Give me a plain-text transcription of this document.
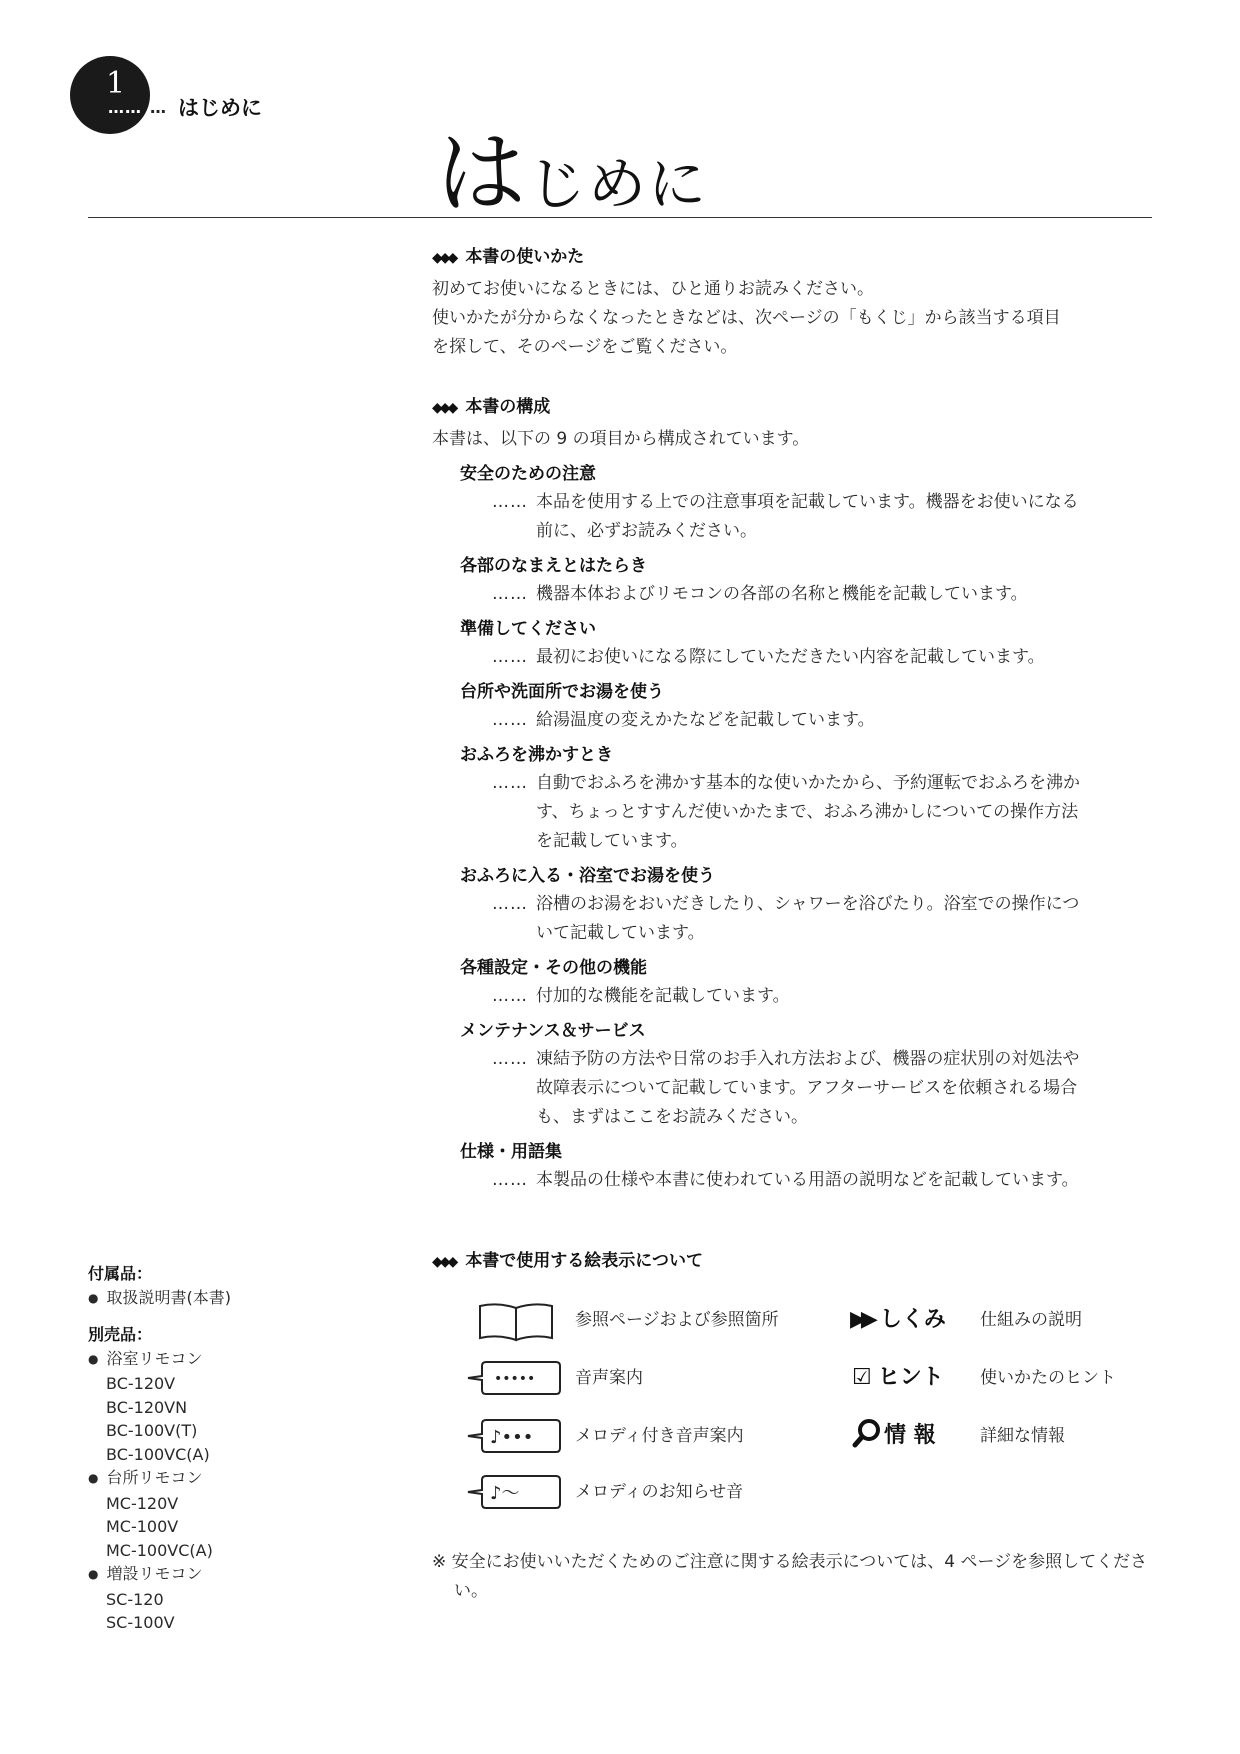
1
…… … はじめに
はじめに
◆◆◆ 本書の使いかた

初めてお使いになるときには、ひと通りお読みください。

使いかたが分からなくなったときなどは、次ページの「もくじ」から該当する項目

を探して、そのページをご覧ください。

◆◆◆ 本書の構成

本書は、以下の 9 の項目から構成されています。

安全のための注意
…… 本品を使用する上での注意事項を記載しています。機器をお使いになる
前に、必ずお読みください。
各部のなまえとはたらき
…… 機器本体およびリモコンの各部の名称と機能を記載しています。
準備してください
…… 最初にお使いになる際にしていただきたい内容を記載しています。
台所や洗面所でお湯を使う
…… 給湯温度の変えかたなどを記載しています。
おふろを沸かすとき
…… 自動でおふろを沸かす基本的な使いかたから、予約運転でおふろを沸か
す、ちょっとすすんだ使いかたまで、おふろ沸かしについての操作方法
を記載しています。
おふろに入る・浴室でお湯を使う
…… 浴槽のお湯をおいだきしたり、シャワーを浴びたり。浴室での操作につ
いて記載しています。
各種設定・その他の機能
…… 付加的な機能を記載しています。
メンテナンス＆サービス
…… 凍結予防の方法や日常のお手入れ方法および、機器の症状別の対処法や
故障表示について記載しています。アフターサービスを依頼される場合
も、まずはここをお読みください。
仕様・用語集
…… 本製品の仕様や本書に使われている用語の説明などを記載しています。
◆◆◆ 本書で使用する絵表示について
参照ページおよび参照箇所
••••• 音声案内
♪••• メロディ付き音声案内
♪〜	メロディのお知らせ音
▶▶ しくみ 仕組みの説明
☑ ヒント 使いかたのヒント
情 報	詳細な情報
※ 安全にお使いいただくためのご注意に関する絵表示については、4 ページを参照してください。
付属品：
● 取扱説明書(本書)
別売品：
● 浴室リモコン
BC-120V
BC-120VN
BC-100V(T)
BC-100VC(A)
● 台所リモコン
MC-120V
MC-100V
MC-100VC(A)
● 増設リモコン
SC-120
SC-100V
